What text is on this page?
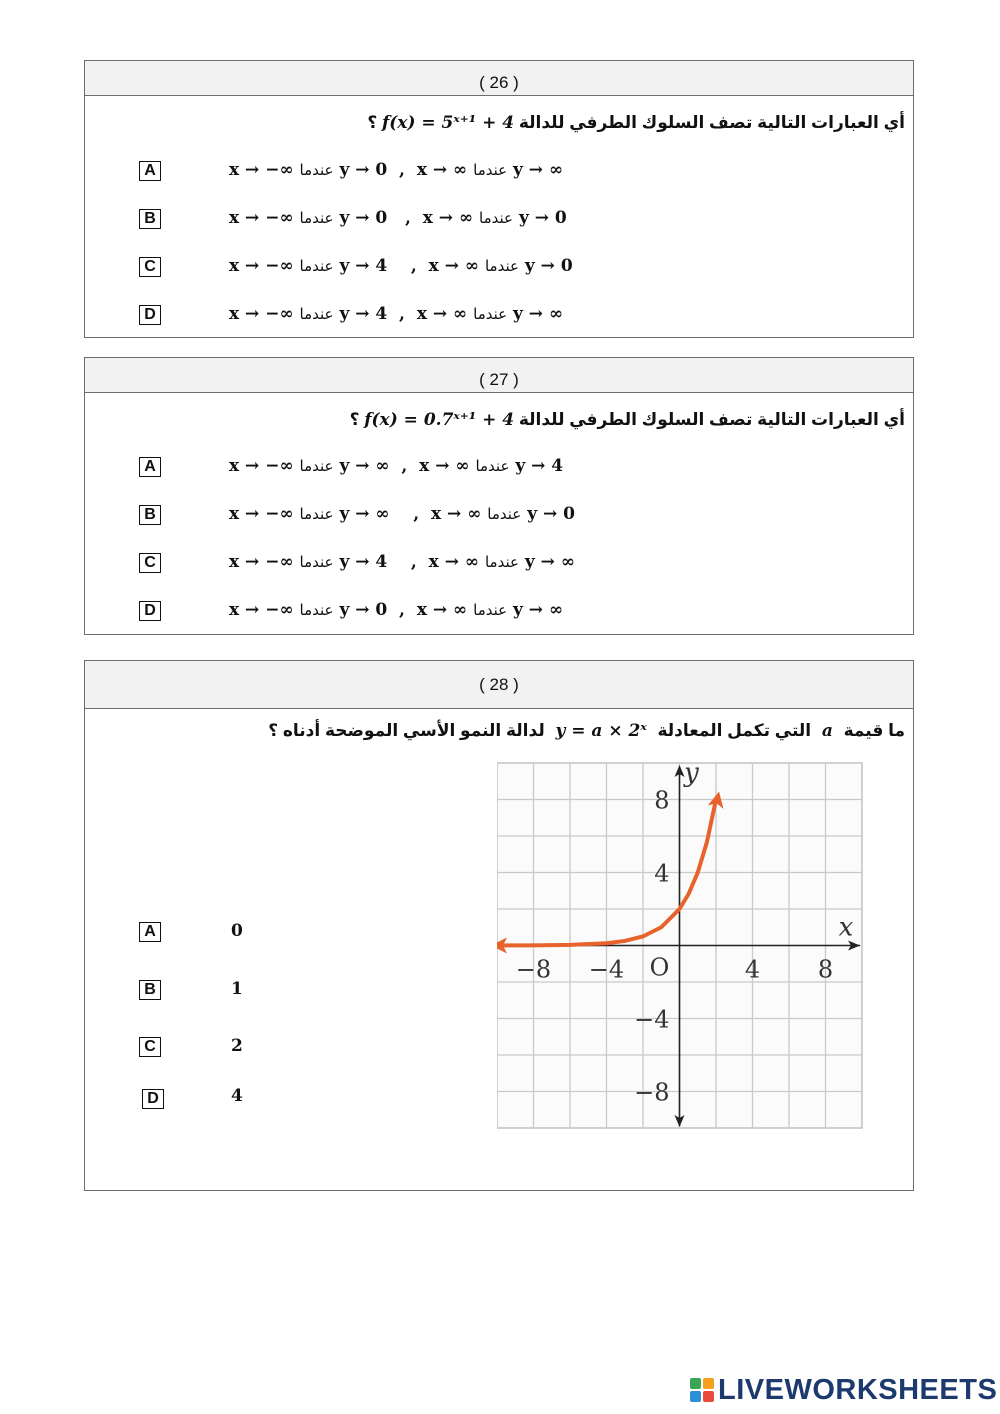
( 26 )
أي العبارات التالية تصف السلوك الطرفي للدالة f(x) = 5ˣ⁺¹ + 4 ؟
A	x → −∞ عندما y → 0  ,  x → ∞ عندما y → ∞
B	x → −∞ عندما y → 0   ,  x → ∞ عندما y → 0
C	x → −∞ عندما y → 4    ,  x → ∞ عندما y → 0
D	x → −∞ عندما y → 4  ,  x → ∞ عندما y → ∞
( 27 )
أي العبارات التالية تصف السلوك الطرفي للدالة f(x) = 0.7ˣ⁺¹ + 4 ؟
A	x → −∞ عندما y → ∞  ,  x → ∞ عندما y → 4
B	x → −∞ عندما y → ∞    ,  x → ∞ عندما y → 0
C	x → −∞ عندما y → 4    ,  x → ∞ عندما y → ∞
D	x → −∞ عندما y → 0  ,  x → ∞ عندما y → ∞
( 28 )
ما قيمة a التي تكمل المعادلة y = a × 2ˣ لدالة النمو الأسي الموضحة أدناه ؟
A	0
B	1
C	2
D	4
−8 −4	4 8
8
4
−4
−8
O
x
y
LIVEWORKSHEETS
